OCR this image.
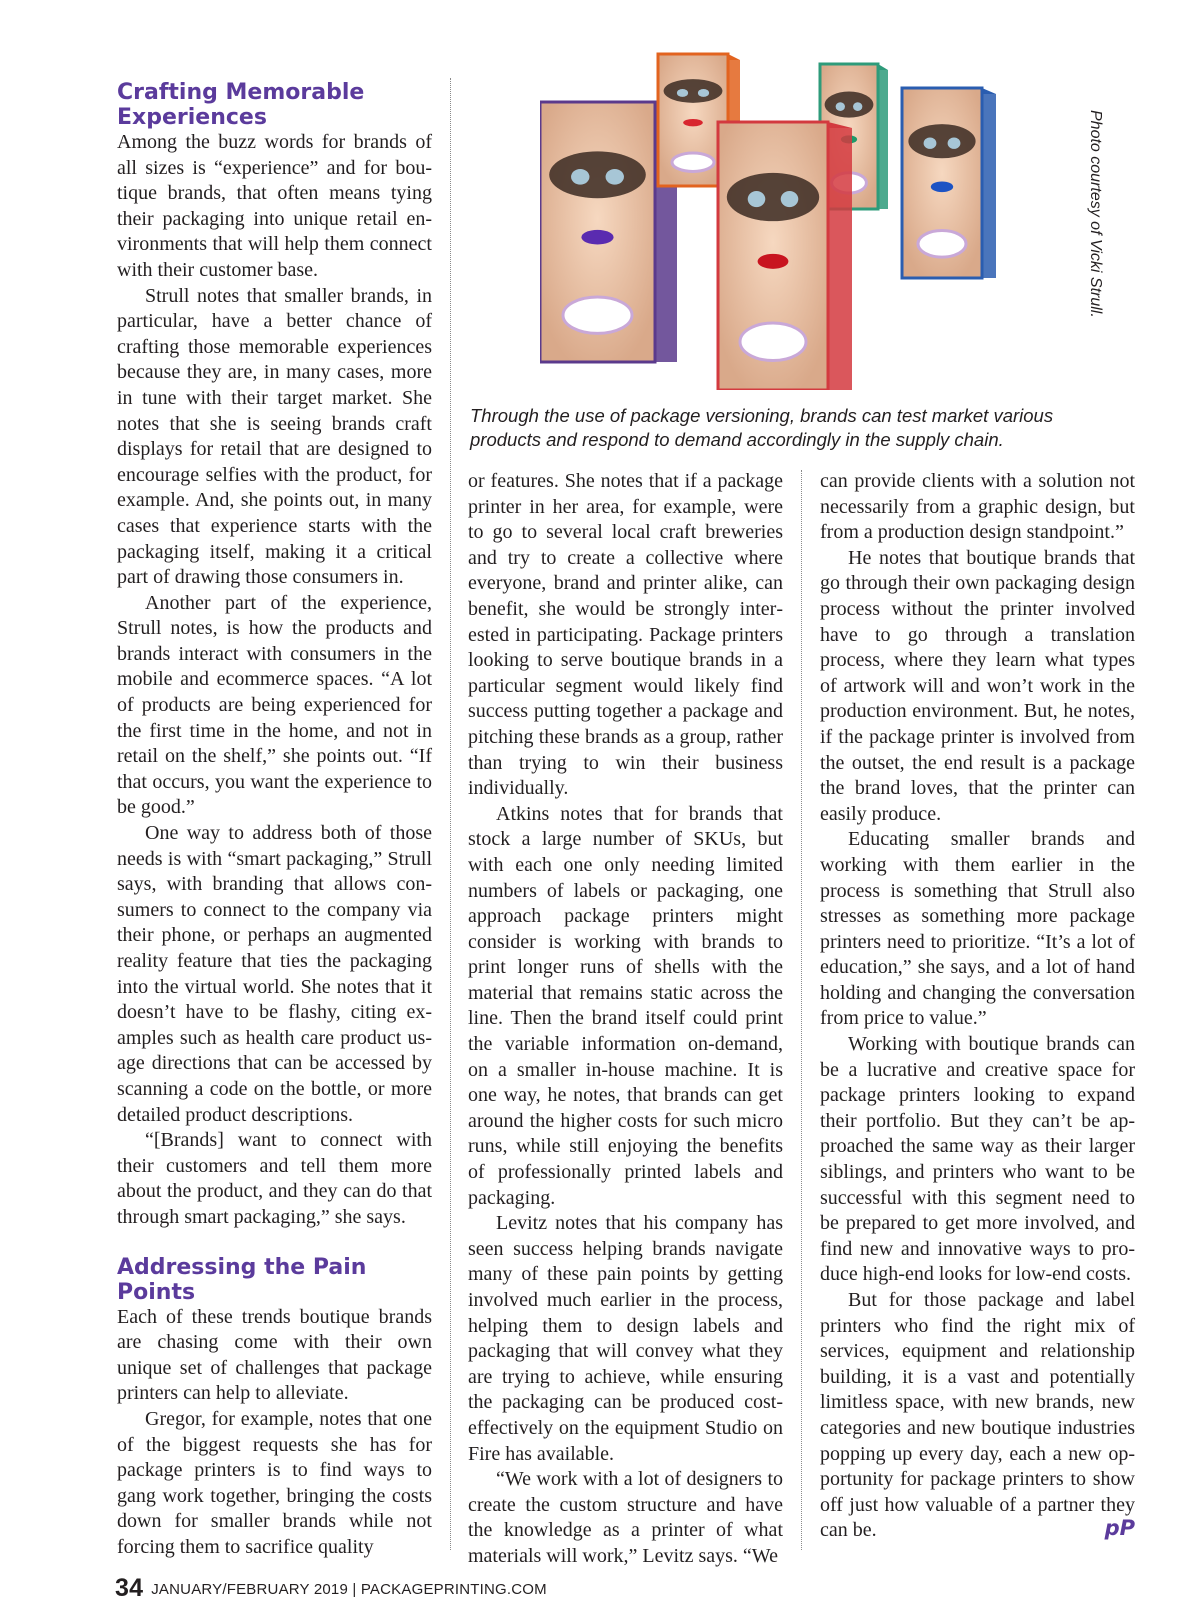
Crafting Memorable Experiences

Among the buzz words for brands of all sizes is “experience” and for boutique brands, that often means tying their packaging into unique retail environments that will help them connect with their customer base.

Strull notes that smaller brands, in particular, have a better chance of crafting those memorable experiences because they are, in many cases, more in tune with their target market. She notes that she is seeing brands craft displays for retail that are designed to encourage selfies with the product, for example. And, she points out, in many cases that experience starts with the packaging itself, making it a critical part of drawing those consumers in.

Another part of the experience, Strull notes, is how the products and brands interact with consumers in the mobile and ecommerce spaces. “A lot of products are being experienced for the first time in the home, and not in retail on the shelf,” she points out. “If that occurs, you want the experience to be good.”

One way to address both of those needs is with “smart packaging,” Strull says, with branding that allows consumers to connect to the company via their phone, or perhaps an augmented reality feature that ties the packaging into the virtual world. She notes that it doesn’t have to be flashy, citing examples such as health care product usage directions that can be accessed by scanning a code on the bottle, or more detailed product descriptions.

“[Brands] want to connect with their customers and tell them more about the product, and they can do that through smart packaging,” she says.

Addressing the Pain Points

Each of these trends boutique brands are chasing come with their own unique set of challenges that package printers can help to alleviate.

Gregor, for example, notes that one of the biggest requests she has for package printers is to find ways to gang work together, bringing the costs down for smaller brands while not forcing them to sacrifice quality

Photo courtesy of Vicki Strull.
Through the use of package versioning, brands can test market various products and respond to demand accordingly in the supply chain.

or features. She notes that if a package printer in her area, for example, were to go to several local craft breweries and try to create a collective where everyone, brand and printer alike, can benefit, she would be strongly interested in participating. Package printers looking to serve boutique brands in a particular segment would likely find success putting together a package and pitching these brands as a group, rather than trying to win their business individually.

Atkins notes that for brands that stock a large number of SKUs, but with each one only needing limited numbers of labels or packaging, one approach package printers might consider is working with brands to print longer runs of shells with the material that remains static across the line. Then the brand itself could print the variable information on-demand, on a smaller in-house machine. It is one way, he notes, that brands can get around the higher costs for such micro runs, while still enjoying the benefits of professionally printed labels and packaging.

Levitz notes that his company has seen success helping brands navigate many of these pain points by getting involved much earlier in the process, helping them to design labels and packaging that will convey what they are trying to achieve, while ensuring the packaging can be produced cost-effectively on the equipment Studio on Fire has available.

“We work with a lot of designers to create the custom structure and have the knowledge as a printer of what materials will work,” Levitz says. “We

can provide clients with a solution not necessarily from a graphic design, but from a production design standpoint.”

He notes that boutique brands that go through their own packaging design process without the printer involved have to go through a translation process, where they learn what types of artwork will and won’t work in the production environment. But, he notes, if the package printer is involved from the outset, the end result is a package the brand loves, that the printer can easily produce.

Educating smaller brands and working with them earlier in the process is something that Strull also stresses as something more package printers need to prioritize. “It’s a lot of education,” she says, and a lot of hand holding and changing the conversation from price to value.”

Working with boutique brands can be a lucrative and creative space for package printers looking to expand their portfolio. But they can’t be approached the same way as their larger siblings, and printers who want to be successful with this segment need to be prepared to get more involved, and find new and innovative ways to produce high-end looks for low-end costs.

But for those package and label printers who find the right mix of services, equipment and relationship building, it is a vast and potentially limitless space, with new brands, new categories and new boutique industries popping up every day, each a new opportunity for package printers to show off just how valuable of a partner they can be.	pP

34 JANUARY/FEBRUARY 2019 | PACKAGEPRINTING.COM
